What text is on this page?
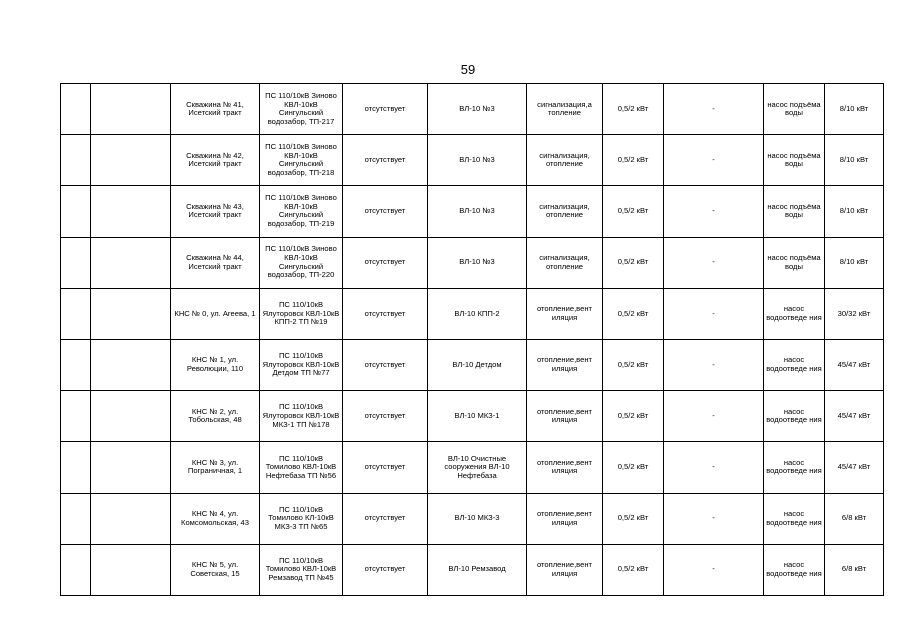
59
		Скважина № 41, Исетский тракт	ПС 110/10кВ Зиново КВЛ-10кВ Сингульский водозабор, ТП-217	отсутствует	ВЛ-10 №3	сигнализация,а топление	0,5/2 кВт	-	насос подъёма воды	8/10 кВт
		Скважина № 42, Исетский тракт	ПС 110/10кВ Зиново КВЛ-10кВ Сингульский водозабор, ТП-218	отсутствует	ВЛ-10 №3	сигнализация, отопление	0,5/2 кВт	-	насос подъёма воды	8/10 кВт
		Скважина № 43, Исетский тракт	ПС 110/10кВ Зиново КВЛ-10кВ Сингульский водозабор, ТП-219	отсутствует	ВЛ-10 №3	сигнализация, отопление	0,5/2 кВт	-	насос подъёма воды	8/10 кВт
		Скважина № 44, Исетский тракт	ПС 110/10кВ Зиново КВЛ-10кВ Сингульский водозабор, ТП-220	отсутствует	ВЛ-10 №3	сигнализация, отопление	0,5/2 кВт	-	насос подъёма воды	8/10 кВт
		КНС № 0, ул. Агеева, 1	ПС 110/10кВ Ялуторовск КВЛ-10кВ КПП-2 ТП №19	отсутствует	ВЛ-10 КПП-2	отопление,вент иляция	0,5/2 кВт	-	насос водоотведе ния	30/32 кВт
		КНС № 1, ул. Революции, 110	ПС 110/10кВ Ялуторовск КВЛ-10кВ Детдом ТП №77	отсутствует	ВЛ-10 Детдом	отопление,вент иляция	0,5/2 кВт	-	насос водоотведе ния	45/47 кВт
		КНС № 2, ул. Тобольская, 48	ПС 110/10кВ Ялуторовск КВЛ-10кВ МКЗ-1 ТП №178	отсутствует	ВЛ-10 МКЗ-1	отопление,вент иляция	0,5/2 кВт	-	насос водоотведе ния	45/47 кВт
		КНС № 3, ул. Пограничная, 1	ПС 110/10кВ Томилово КВЛ-10кВ Нефтебаза ТП №56	отсутствует	ВЛ-10 Очистные сооружения ВЛ-10 Нефтебаза	отопление,вент иляция	0,5/2 кВт	-	насос водоотведе ния	45/47 кВт
		КНС № 4, ул. Комсомольская, 43	ПС 110/10кВ Томилово КЛ-10кВ МКЗ-3 ТП №65	отсутствует	ВЛ-10 МКЗ-3	отопление,вент иляция	0,5/2 кВт	-	насос водоотведе ния	6/8 кВт
		КНС № 5, ул. Советская, 15	ПС 110/10кВ Томилово КВЛ-10кВ Ремзавод ТП №45	отсутствует	ВЛ-10 Ремзавод	отопление,вент иляция	0,5/2 кВт	-	насос водоотведе ния	6/8 кВт
